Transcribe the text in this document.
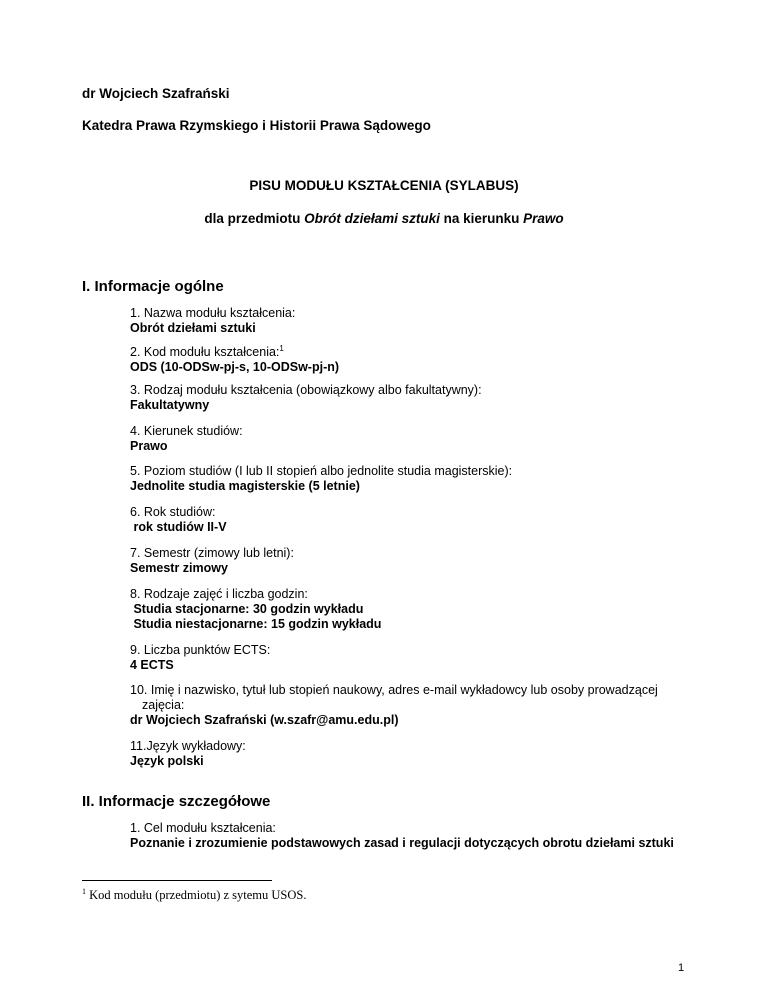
dr Wojciech Szafrański
Katedra Prawa Rzymskiego i Historii Prawa Sądowego
PISU MODUŁU KSZTAŁCENIA (SYLABUS)
dla przedmiotu Obrót dziełami sztuki na kierunku Prawo
I. Informacje ogólne
1. Nazwa modułu kształcenia:
Obrót dziełami sztuki
2. Kod modułu kształcenia:$^1$
ODS (10-ODSw-pj-s, 10-ODSw-pj-n)
3. Rodzaj modułu kształcenia (obowiązkowy albo fakultatywny):
Fakultatywny
4. Kierunek studiów:
Prawo
5. Poziom studiów (I lub II stopień albo jednolite studia magisterskie):
Jednolite studia magisterskie (5 letnie)
6. Rok studiów:
rok studiów II-V
7. Semestr (zimowy lub letni):
Semestr zimowy
8. Rodzaje zajęć i liczba godzin:
Studia stacjonarne: 30 godzin wykładu
Studia niestacjonarne: 15 godzin wykładu
9. Liczba punktów ECTS:
4 ECTS
10. Imię i nazwisko, tytuł lub stopień naukowy, adres e-mail wykładowcy lub osoby prowadzącej
zajęcia:
dr Wojciech Szafrański (w.szafr@amu.edu.pl)
11.Język wykładowy:
Język polski
II. Informacje szczegółowe
1. Cel modułu kształcenia:
Poznanie i zrozumienie podstawowych zasad i regulacji dotyczących obrotu dziełami sztuki
$^1$ Kod modułu (przedmiotu) z sytemu USOS.
1
